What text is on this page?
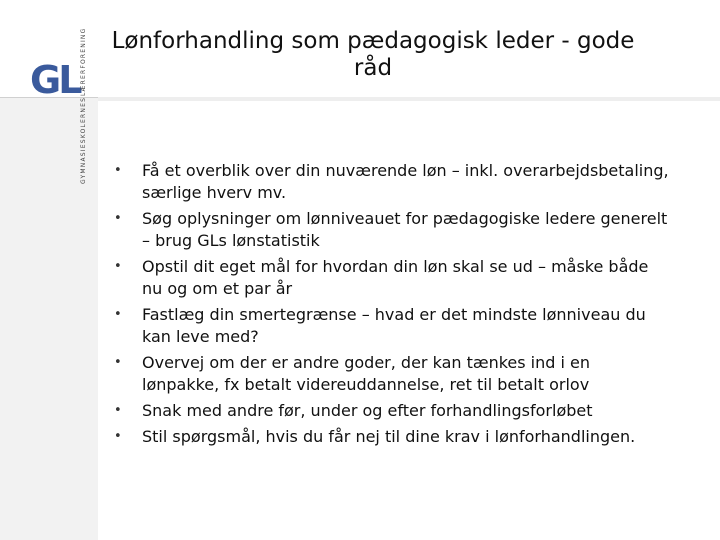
GL LÆRERFORENING
GYMNASIESKOLERNES
Lønforhandling som pædagogisk leder - gode råd
• Få et overblik over din nuværende løn – inkl. overarbejdsbetaling, særlige hverv mv.
• Søg oplysninger om lønniveauet for pædagogiske ledere generelt – brug GLs lønstatistik
• Opstil dit eget mål for hvordan din løn skal se ud – måske både nu og om et par år
• Fastlæg din smertegrænse – hvad er det mindste lønniveau du kan leve med?
• Overvej om der er andre goder, der kan tænkes ind i en lønpakke, fx betalt videreuddannelse, ret til betalt orlov
• Snak med andre før, under og efter forhandlingsforløbet
• Stil spørgsmål, hvis du får nej til dine krav i lønforhandlingen.
